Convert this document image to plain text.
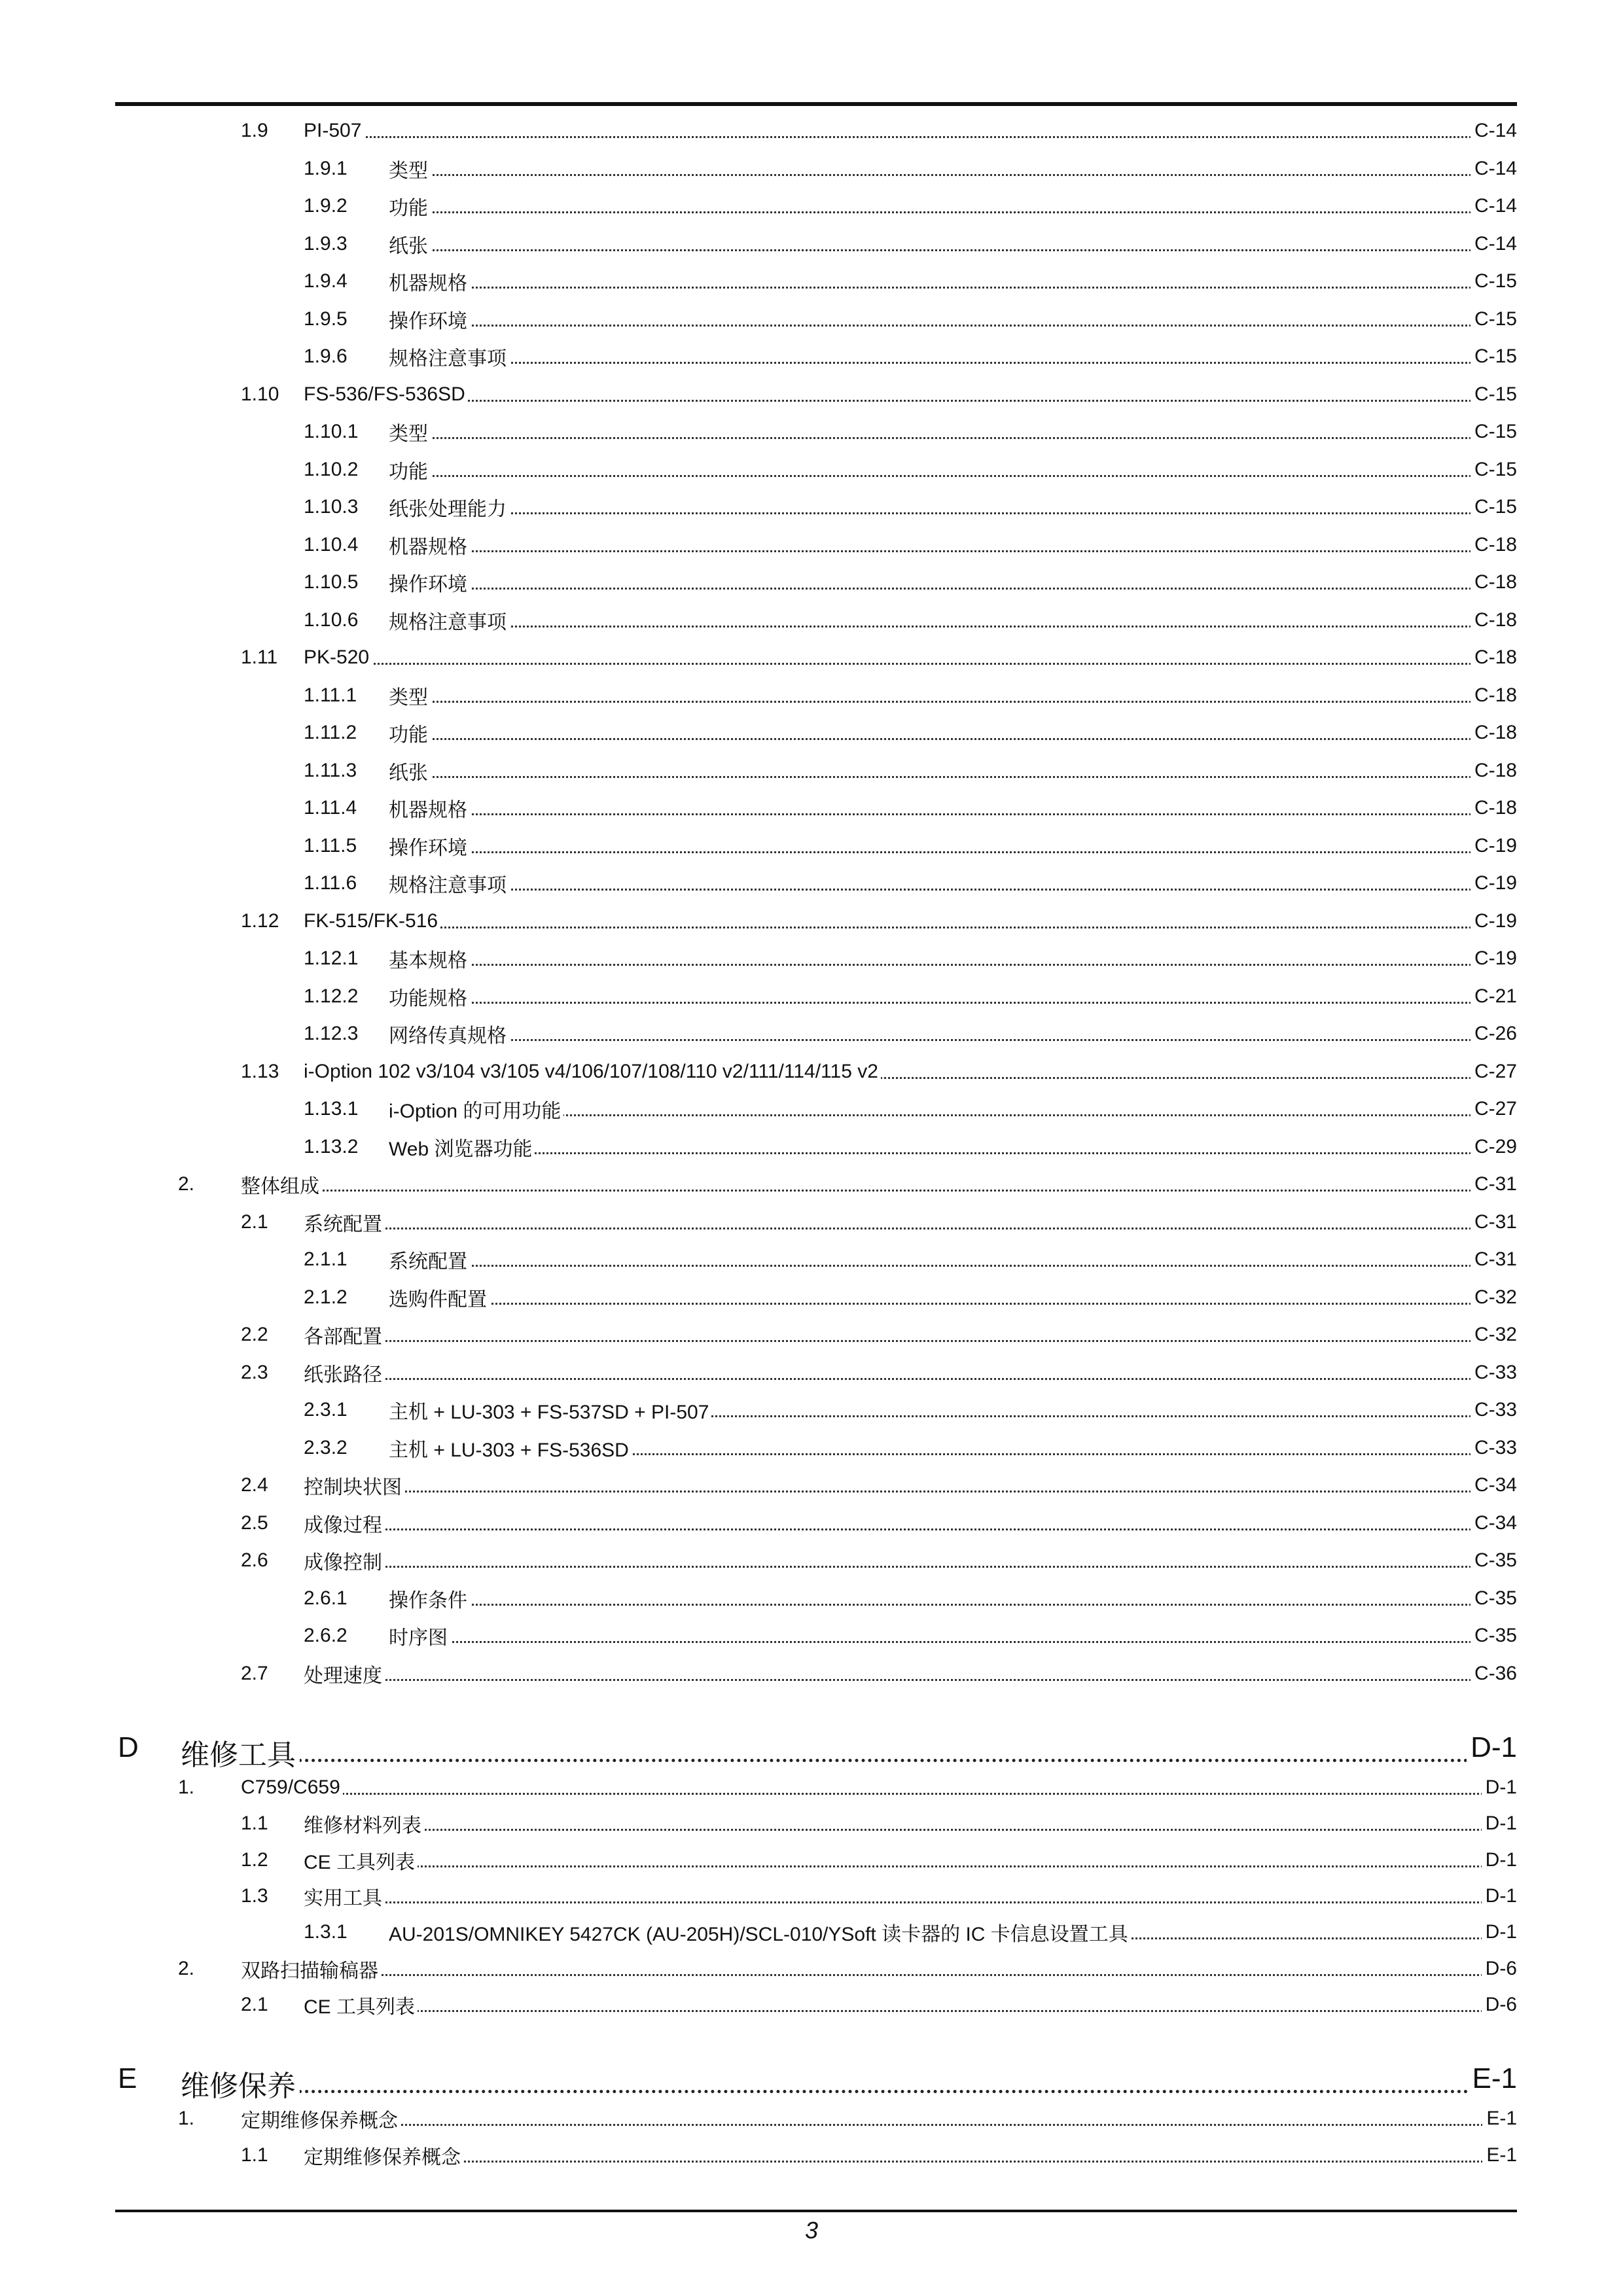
1.9 PI-507	C-14
1.9.1 类型	C-14
1.9.2 功能	C-14
1.9.3 纸张	C-14
1.9.4 机器规格	C-15
1.9.5 操作环境	C-15
1.9.6 规格注意事项	C-15
1.10 FS-536/FS-536SD	C-15
1.10.1 类型	C-15
1.10.2 功能	C-15
1.10.3 纸张处理能力	C-15
1.10.4 机器规格	C-18
1.10.5 操作环境	C-18
1.10.6 规格注意事项	C-18
1.11 PK-520	C-18
1.11.1 类型	C-18
1.11.2 功能	C-18
1.11.3 纸张	C-18
1.11.4 机器规格	C-18
1.11.5 操作环境	C-19
1.11.6 规格注意事项	C-19
1.12 FK-515/FK-516	C-19
1.12.1 基本规格	C-19
1.12.2 功能规格	C-21
1.12.3 网络传真规格	C-26
1.13 i-Option 102 v3/104 v3/105 v4/106/107/108/110 v2/111/114/115 v2	C-27
1.13.1 i-Option 的可用功能	C-27
1.13.2 Web 浏览器功能	C-29
2. 整体组成	C-31
2.1 系统配置	C-31
2.1.1 系统配置	C-31
2.1.2 选购件配置	C-32
2.2 各部配置	C-32
2.3 纸张路径	C-33
2.3.1 主机 + LU-303 + FS-537SD + PI-507	C-33
2.3.2 主机 + LU-303 + FS-536SD	C-33
2.4 控制块状图	C-34
2.5 成像过程	C-34
2.6 成像控制	C-35
2.6.1 操作条件	C-35
2.6.2 时序图	C-35
2.7 处理速度	C-36
D 维修工具	D-1
1. C759/C659	D-1
1.1 维修材料列表	D-1
1.2 CE 工具列表	D-1
1.3 实用工具	D-1
1.3.1 AU-201S/OMNIKEY 5427CK (AU-205H)/SCL-010/YSoft 读卡器的 IC 卡信息设置工具	D-1
2. 双路扫描输稿器	D-6
2.1 CE 工具列表	D-6
E 维修保养	E-1
1. 定期维修保养概念	E-1
1.1 定期维修保养概念	E-1
3
